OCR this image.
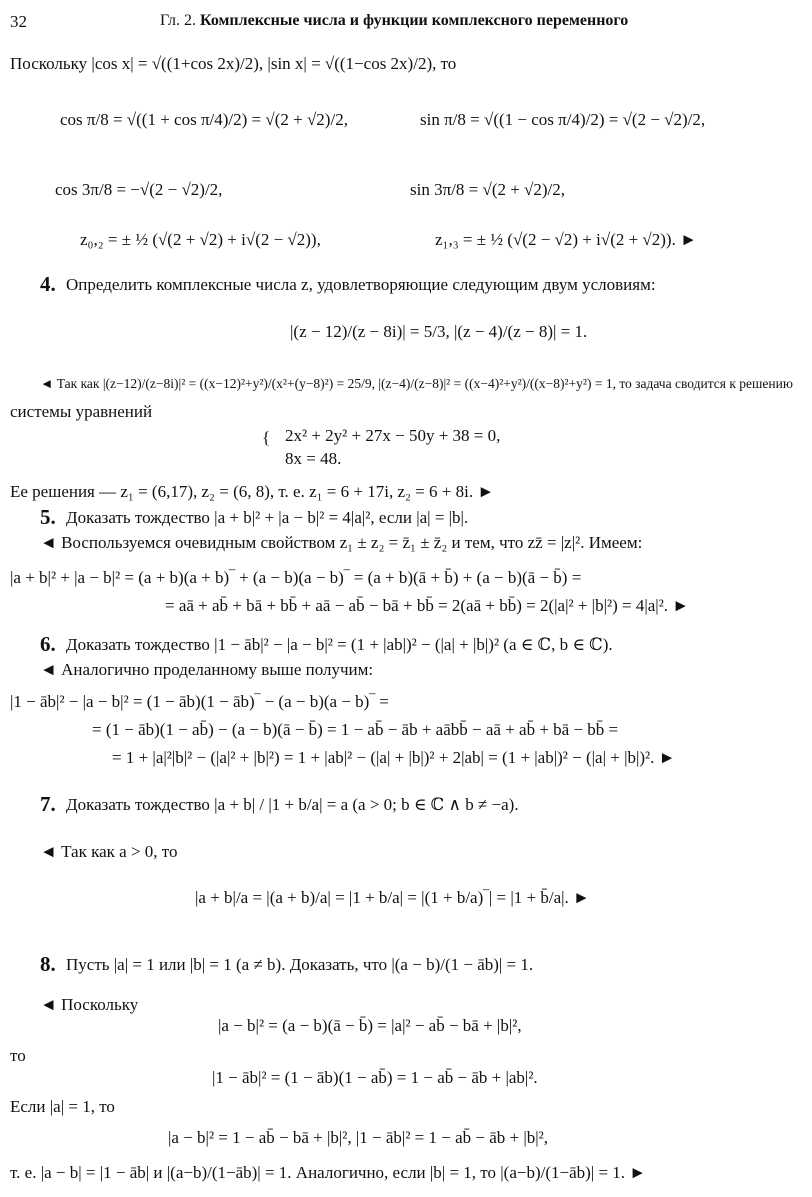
32	Гл. 2. Комплексные числа и функции комплексного переменного
Поскольку |cos x| = √((1+cos 2x)/2), |sin x| = √((1−cos 2x)/2), то
cos π/8 = √((1 + cos π/4)/2) = √(2 + √2)/2,	sin π/8 = √((1 − cos π/4)/2) = √(2 − √2)/2,
cos 3π/8 = −√(2 − √2)/2,	sin 3π/8 = √(2 + √2)/2,
z₀,₂ = ± ½ (√(2 + √2) + i√(2 − √2)),	z₁,₃ = ± ½ (√(2 − √2) + i√(2 + √2)). ►
4. Определить комплексные числа z, удовлетворяющие следующим двум условиям:
|(z − 12)/(z − 8i)| = 5/3, |(z − 4)/(z − 8)| = 1.
◄ Так как |(z−12)/(z−8i)|² = ((x−12)²+y²)/(x²+(y−8)²) = 25/9, |(z−4)/(z−8)|² = ((x−4)²+y²)/((x−8)²+y²) = 1, то задача сводится к решению
системы уравнений
{ 2x² + 2y² + 27x − 50y + 38 = 0,
8x = 48.
Ее решения — z₁ = (6,17), z₂ = (6, 8), т. е. z₁ = 6 + 17i, z₂ = 6 + 8i. ►
5. Доказать тождество |a + b|² + |a − b|² = 4|a|², если |a| = |b|.
◄ Воспользуемся очевидным свойством z₁ ± z₂ = z̄₁ ± z̄₂ и тем, что zz̄ = |z|². Имеем:
|a + b|² + |a − b|² = (a + b)(a + b)‾ + (a − b)(a − b)‾ = (a + b)(ā + b̄) + (a − b)(ā − b̄) =
= aā + ab̄ + bā + bb̄ + aā − ab̄ − bā + bb̄ = 2(aā + bb̄) = 2(|a|² + |b|²) = 4|a|². ►
6. Доказать тождество |1 − āb|² − |a − b|² = (1 + |ab|)² − (|a| + |b|)² (a ∈ ℂ, b ∈ ℂ).
◄ Аналогично проделанному выше получим:
|1 − āb|² − |a − b|² = (1 − āb)(1 − āb)‾ − (a − b)(a − b)‾ =
= (1 − āb)(1 − ab̄) − (a − b)(ā − b̄) = 1 − ab̄ − āb + aābb̄ − aā + ab̄ + bā − bb̄ =
= 1 + |a|²|b|² − (|a|² + |b|²) = 1 + |ab|² − (|a| + |b|)² + 2|ab| = (1 + |ab|)² − (|a| + |b|)². ►
7. Доказать тождество |a + b| / |1 + b/a| = a (a > 0; b ∈ ℂ ∧ b ≠ −a).
◄ Так как a > 0, то
|a + b|/a = |(a + b)/a| = |1 + b/a| = |(1 + b/a)‾| = |1 + b̄/a|. ►
8. Пусть |a| = 1 или |b| = 1 (a ≠ b). Доказать, что |(a − b)/(1 − āb)| = 1.
◄ Поскольку
|a − b|² = (a − b)(ā − b̄) = |a|² − ab̄ − bā + |b|²,
то
|1 − āb|² = (1 − āb)(1 − ab̄) = 1 − ab̄ − āb + |ab|².
Если |a| = 1, то
|a − b|² = 1 − ab̄ − bā + |b|², |1 − āb|² = 1 − ab̄ − āb + |b|²,
т. е. |a − b| = |1 − āb| и |(a−b)/(1−āb)| = 1. Аналогично, если |b| = 1, то |(a−b)/(1−āb)| = 1. ►
